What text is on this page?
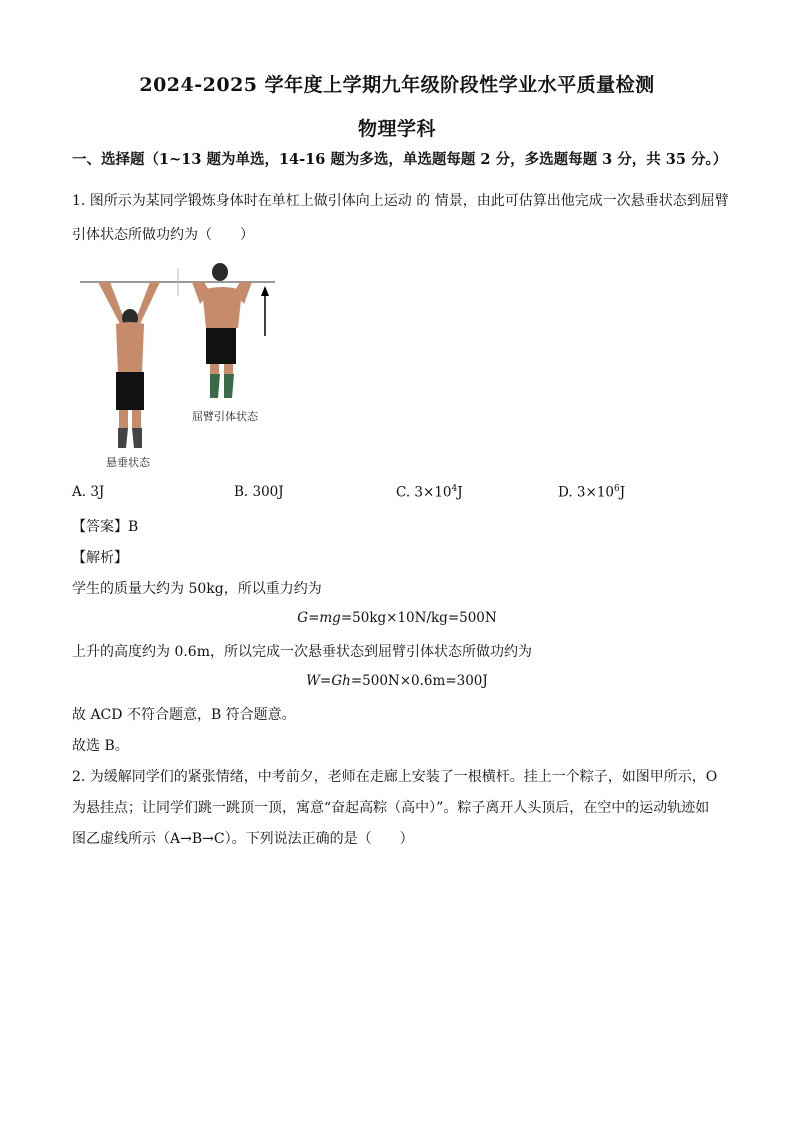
2024-2025 学年度上学期九年级阶段性学业水平质量检测
物理学科
一、选择题（1~13 题为单选，14-16 题为多选，单选题每题 2 分，多选题每题 3 分，共 35 分。）
1. 图所示为某同学锻炼身体时在单杠上做引体向上运动 的 情景，由此可估算出他完成一次悬垂状态到屈臂
引体状态所做功约为（　　）
悬垂状态
屈臂引体状态
A. 3J	B. 300J	C. $3\times 10^4J$	D. $3\times 10^6J$
【答案】B
【解析】
学生的质量大约为 50kg，所以重力约为
G=mg=50kg×10N/kg=500N
上升的高度约为 0.6m，所以完成一次悬垂状态到屈臂引体状态所做功约为
W=Gh=500N×0.6m=300J
故 ACD 不符合题意，B 符合题意。
故选 B。
2. 为缓解同学们的紧张情绪，中考前夕，老师在走廊上安装了一根横杆。挂上一个粽子，如图甲所示，O
为悬挂点；让同学们跳一跳顶一顶，寓意“奋起高粽（高中）”。粽子离开人头顶后，在空中的运动轨迹如
图乙虚线所示（A→B→C）。下列说法正确的是（　　）
